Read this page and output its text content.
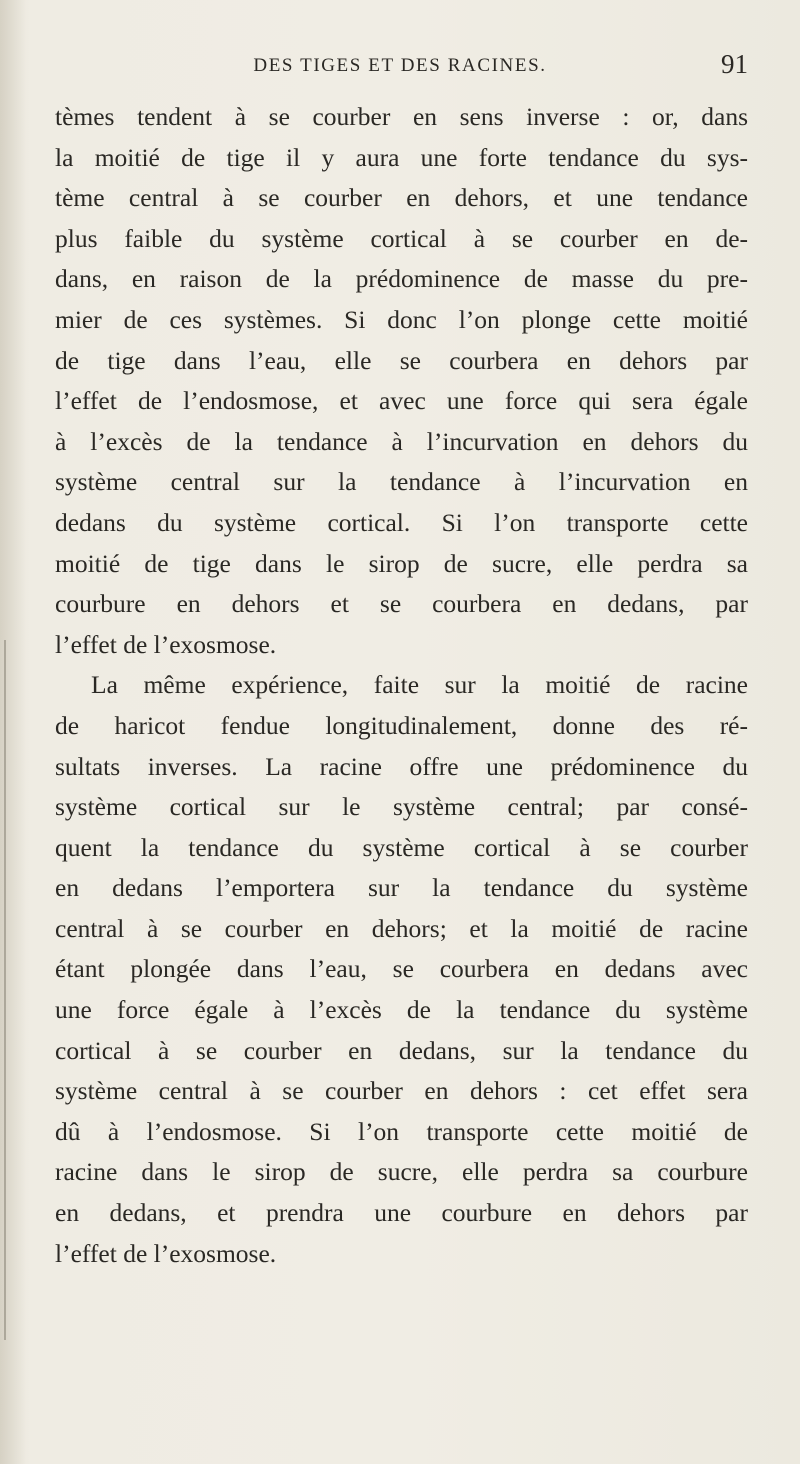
DES TIGES ET DES RACINES.	91
tèmes tendent à se courber en sens inverse : or, dans
la moitié de tige il y aura une forte tendance du sys-
tème central à se courber en dehors, et une tendance
plus faible du système cortical à se courber en de-
dans, en raison de la prédominence de masse du pre-
mier de ces systèmes. Si donc l’on plonge cette moitié
de tige dans l’eau, elle se courbera en dehors par
l’effet de l’endosmose, et avec une force qui sera égale
à l’excès de la tendance à l’incurvation en dehors du
système central sur la tendance à l’incurvation en
dedans du système cortical. Si l’on transporte cette
moitié de tige dans le sirop de sucre, elle perdra sa
courbure en dehors et se courbera en dedans, par
l’effet de l’exosmose.
La même expérience, faite sur la moitié de racine
de haricot fendue longitudinalement, donne des ré-
sultats inverses. La racine offre une prédominence du
système cortical sur le système central; par consé-
quent la tendance du système cortical à se courber
en dedans l’emportera sur la tendance du système
central à se courber en dehors; et la moitié de racine
étant plongée dans l’eau, se courbera en dedans avec
une force égale à l’excès de la tendance du système
cortical à se courber en dedans, sur la tendance du
système central à se courber en dehors : cet effet sera
dû à l’endosmose. Si l’on transporte cette moitié de
racine dans le sirop de sucre, elle perdra sa courbure
en dedans, et prendra une courbure en dehors par
l’effet de l’exosmose.
